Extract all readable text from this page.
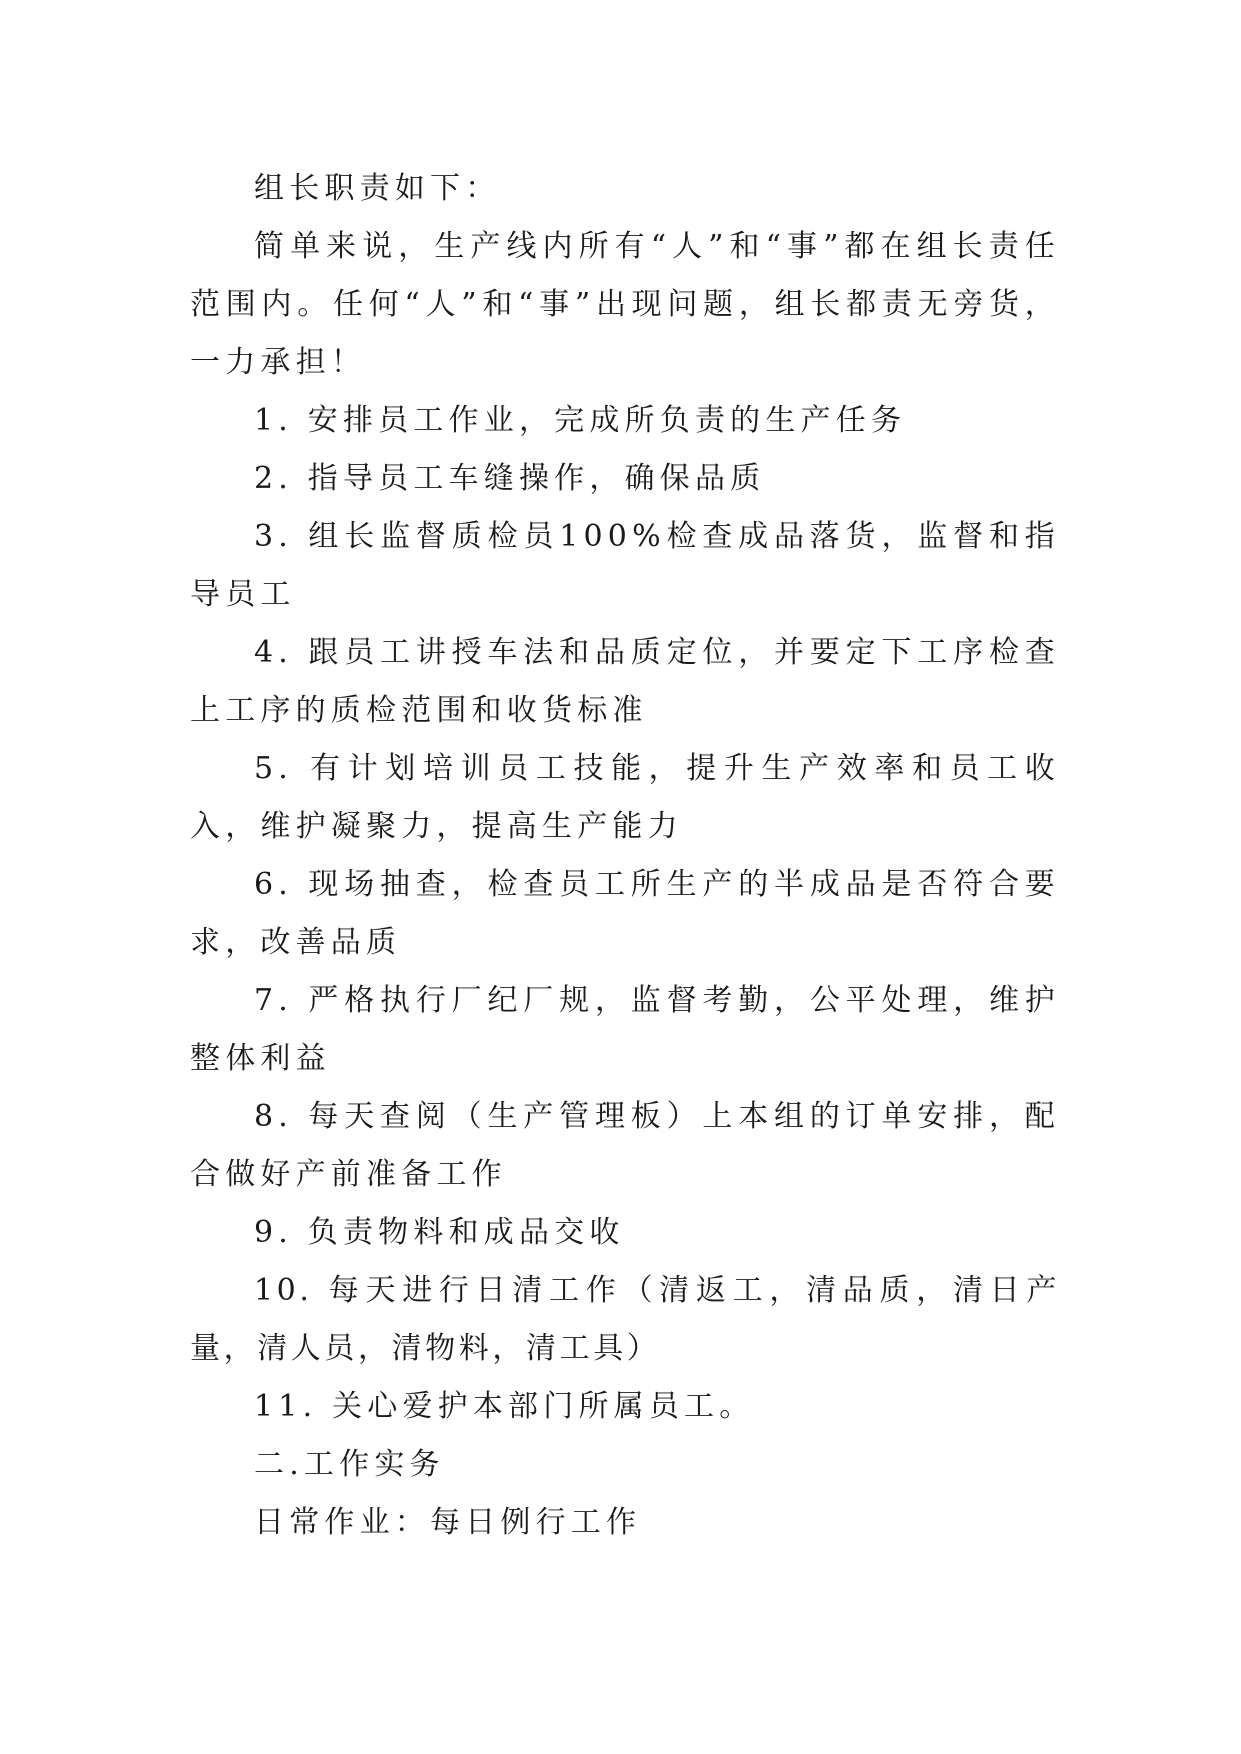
组长职责如下：

简单来说，生产线内所有“人”和“事”都在组长责任范围内。任何“人”和“事”出现问题，组长都责无旁货，一力承担！

1. 安排员工作业，完成所负责的生产任务

2. 指导员工车缝操作，确保品质

3. 组长监督质检员100%检查成品落货，监督和指导员工

4. 跟员工讲授车法和品质定位，并要定下工序检查上工序的质检范围和收货标准

5. 有计划培训员工技能，提升生产效率和员工收入，维护凝聚力，提高生产能力

6. 现场抽查，检查员工所生产的半成品是否符合要求，改善品质

7. 严格执行厂纪厂规，监督考勤，公平处理，维护整体利益

8. 每天查阅（生产管理板）上本组的订单安排，配合做好产前准备工作

9. 负责物料和成品交收

10. 每天进行日清工作（清返工，清品质，清日产量，清人员，清物料，清工具）

11. 关心爱护本部门所属员工。

二.工作实务

日常作业：每日例行工作
